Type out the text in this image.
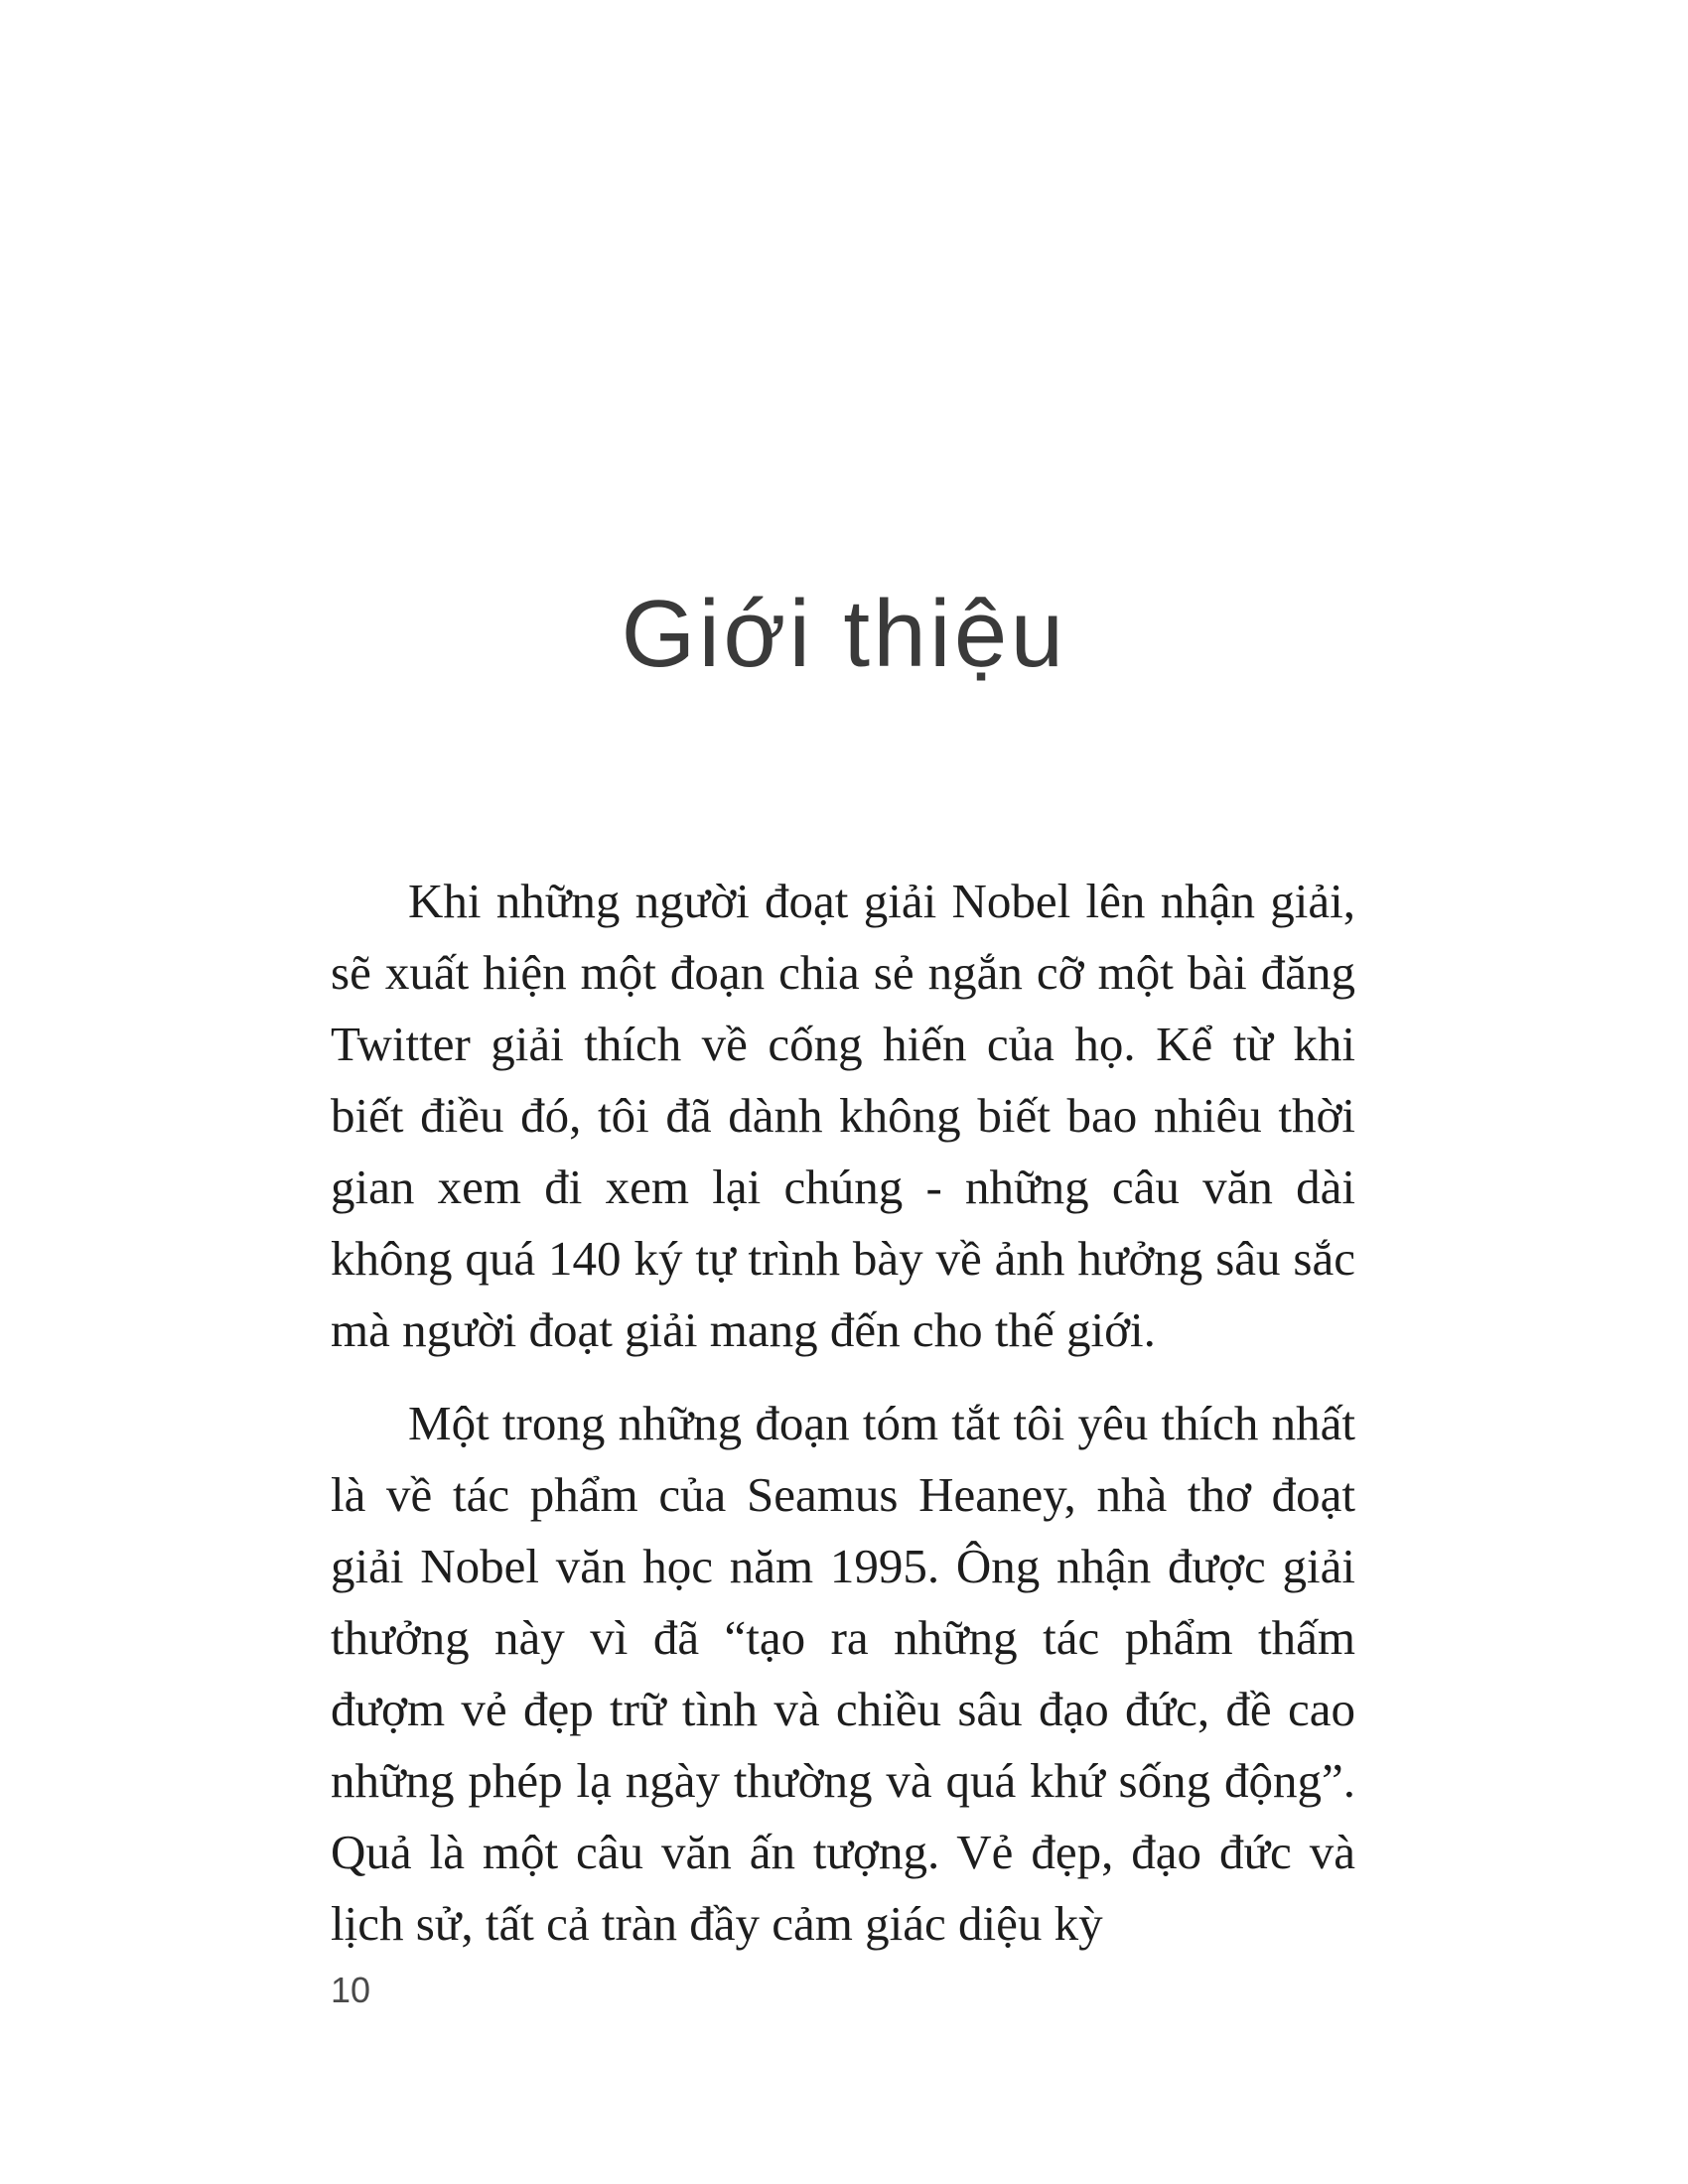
Giới thiệu

Khi những người đoạt giải Nobel lên nhận giải, sẽ xuất hiện một đoạn chia sẻ ngắn cỡ một bài đăng Twitter giải thích về cống hiến của họ. Kể từ khi biết điều đó, tôi đã dành không biết bao nhiêu thời gian xem đi xem lại chúng - những câu văn dài không quá 140 ký tự trình bày về ảnh hưởng sâu sắc mà người đoạt giải mang đến cho thế giới.

Một trong những đoạn tóm tắt tôi yêu thích nhất là về tác phẩm của Seamus Heaney, nhà thơ đoạt giải Nobel văn học năm 1995. Ông nhận được giải thưởng này vì đã “tạo ra những tác phẩm thấm đượm vẻ đẹp trữ tình và chiều sâu đạo đức, đề cao những phép lạ ngày thường và quá khứ sống động”. Quả là một câu văn ấn tượng. Vẻ đẹp, đạo đức và lịch sử, tất cả tràn đầy cảm giác diệu kỳ

10
